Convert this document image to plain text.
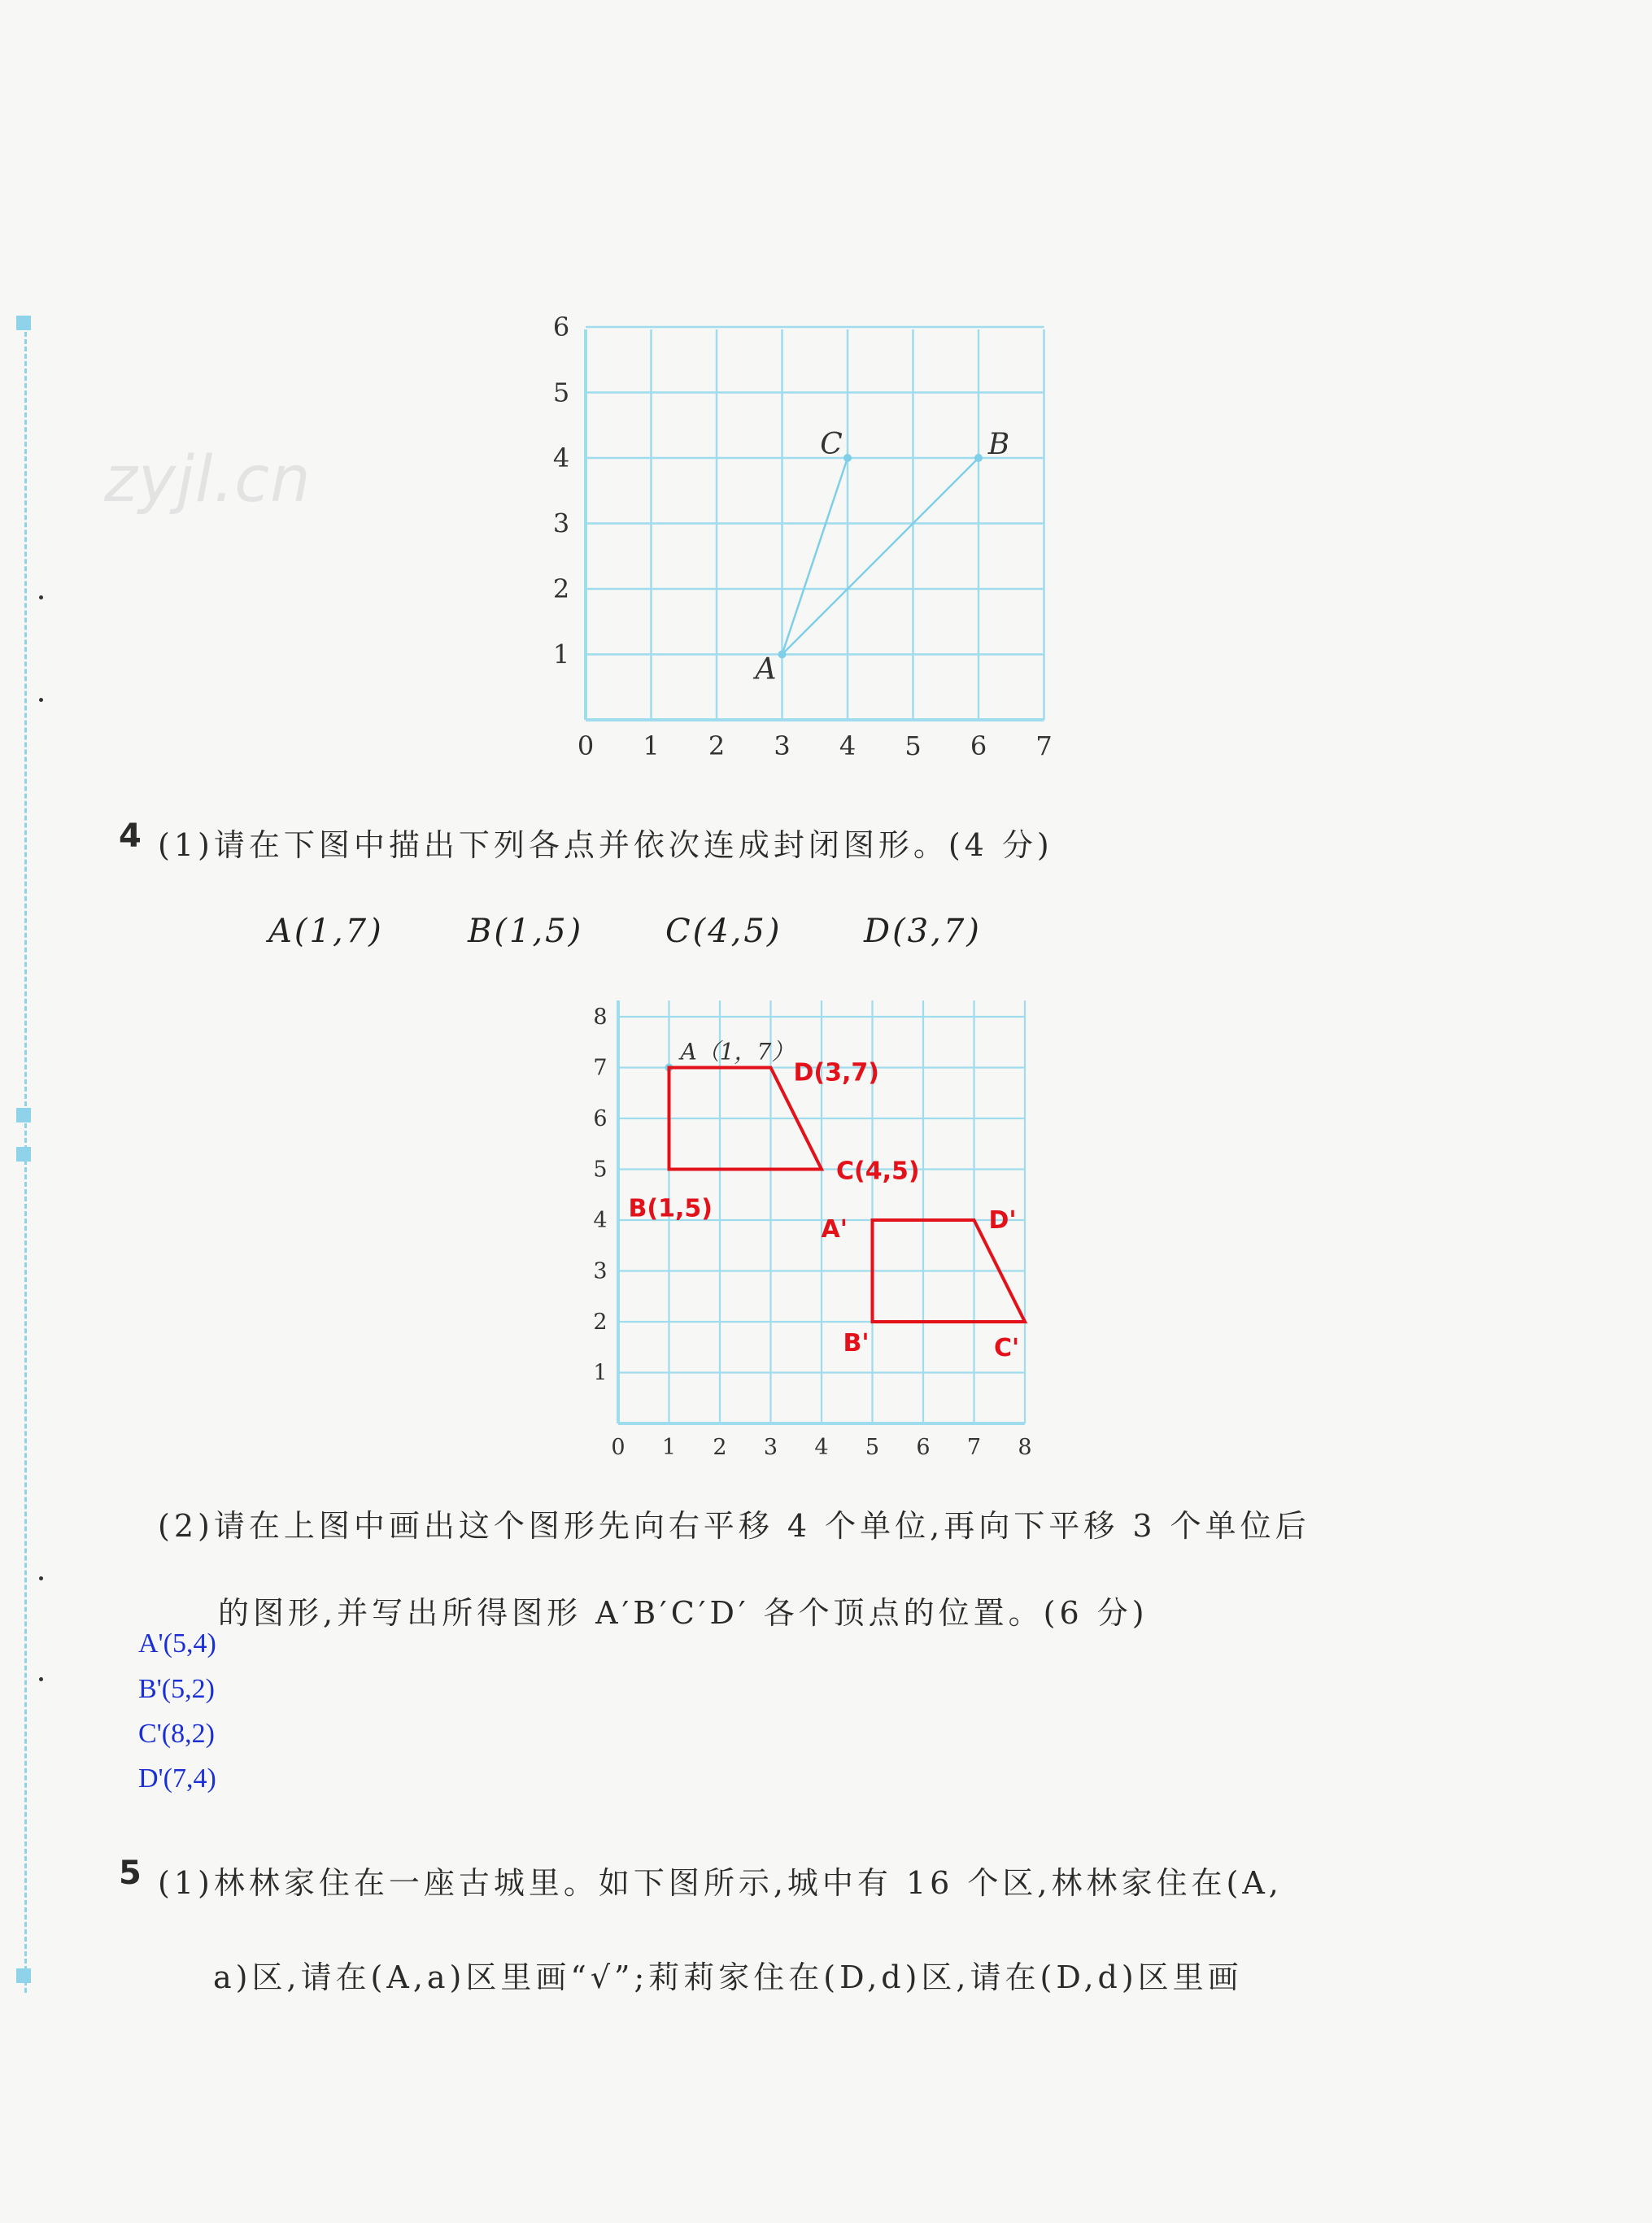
zyjl.cn
0 1 2 3 4 5 6 7
1
2
3
4
5
6
A
B
C
4 (1)请在下图中描出下列各点并依次连成封闭图形。(4 分)
A(1,7)	B(1,5)	C(4,5)	D(3,7)
0 1 2 3 4 5 6 7 8
1
2
3
4
5
6
7
8
A（1，7）
D(3,7)
C(4,5)
B(1,5)
A'	D'
B'	C'
(2)请在上图中画出这个图形先向右平移 4 个单位,再向下平移 3 个单位后
的图形,并写出所得图形 A′B′C′D′ 各个顶点的位置。(6 分)
A'(5,4)
B'(5,2)
C'(8,2)
D'(7,4)
5 (1)林林家住在一座古城里。如下图所示,城中有 16 个区,林林家住在(A,
a)区,请在(A,a)区里画“√”;莉莉家住在(D,d)区,请在(D,d)区里画
